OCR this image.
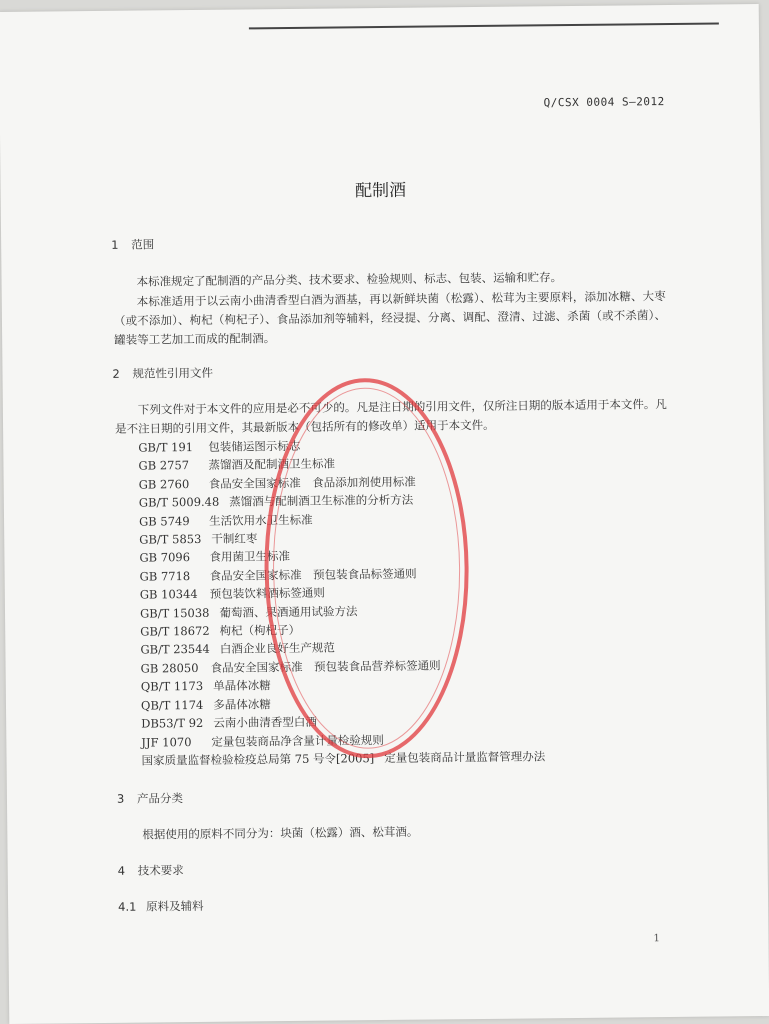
Q/CSX 0004 S—2012
配制酒
1 范围
本标准规定了配制酒的产品分类、技术要求、检验规则、标志、包装、运输和贮存。
本标准适用于以云南小曲清香型白酒为酒基，再以新鲜块菌（松露）、松茸为主要原料，添加冰糖、大枣（或不添加）、枸杞（枸杞子）、食品添加剂等辅料，经浸提、分离、调配、澄清、过滤、杀菌（或不杀菌）、罐装等工艺加工而成的配制酒。
2 规范性引用文件
下列文件对于本文件的应用是必不可少的。凡是注日期的引用文件，仅所注日期的版本适用于本文件。凡是不注日期的引用文件，其最新版本（包括所有的修改单）适用于本文件。
GB/T 191 包装储运图示标志
GB 2757 蒸馏酒及配制酒卫生标准
GB 2760 食品安全国家标准　食品添加剂使用标准
GB/T 5009.48 蒸馏酒与配制酒卫生标准的分析方法
GB 5749 生活饮用水卫生标准
GB/T 5853 干制红枣
GB 7096 食用菌卫生标准
GB 7718 食品安全国家标准　预包装食品标签通则
GB 10344 预包装饮料酒标签通则
GB/T 15038 葡萄酒、果酒通用试验方法
GB/T 18672 枸杞（枸杞子）
GB/T 23544 白酒企业良好生产规范
GB 28050 食品安全国家标准　预包装食品营养标签通则
QB/T 1173 单晶体冰糖
QB/T 1174 多晶体冰糖
DB53/T 92 云南小曲清香型白酒
JJF 1070 定量包装商品净含量计量检验规则
国家质量监督检验检疫总局第 75 号令[2005] 定量包装商品计量监督管理办法
3 产品分类
根据使用的原料不同分为：块菌（松露）酒、松茸酒。
4 技术要求
4.1 原料及辅料
1
